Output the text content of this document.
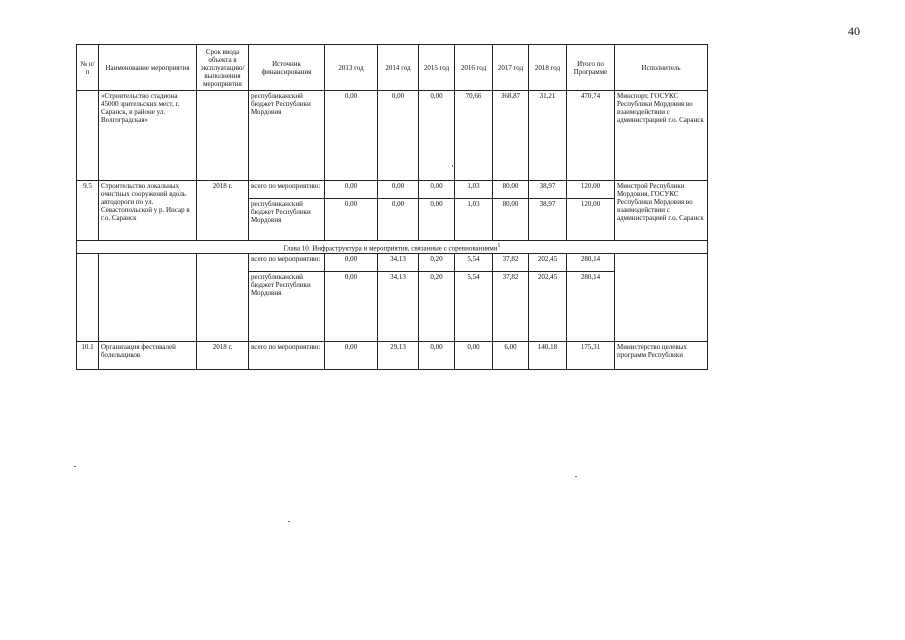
40
№ п/п	Наименование мероприятия	Срок ввода объекта в эксплуатацию/ выполнения мероприятия	Источник финансирования	2013 год	2014 год	2015 год	2016 год	2017 год	2018 год	Итого по Программе	Исполнитель
	«Строительство стадиона 45000 зрительских мест, г. Саранск, в районе ул. Волгоградская»		республиканский бюджет Республики Мордовия	0,00	0,00	0,00	70,66	368,87	31,21	470,74	Минспорт, ГОСУКС Республики Мордовия во взаимодействии с администрацией г.о. Саранск
9.5	Строительство локальных очистных сооружений вдоль автодороги по ул. Севастопольской у р. Инсар в г.о. Саранск	2018 г.	всего по мероприятию:	0,00	0,00	0,00	1,03	80,00	38,97	120,00	Минстрой Республики Мордовия, ГОСУКС Республики Мордовия во взаимодействии с администрацией г.о. Саранск
			республиканский бюджет Республики Мордовия	0,00	0,00	0,00	1,03	80,00	38,97	120,00	
Глава 10. Инфраструктура и мероприятия, связанные с соревнованиями$^1$
			всего по мероприятию:	0,00	34,13	0,20	5,54	37,82	202,45	280,14	
			республиканский бюджет Республики Мордовия	0,00	34,13	0,20	5,54	37,82	202,45	280,14	
10.1	Организация фестивалей болельщиков	2018 г.	всего по мероприятию:	0,00	29,13	0,00	0,00	6,00	140,18	175,31	Министерство целевых программ Республики
